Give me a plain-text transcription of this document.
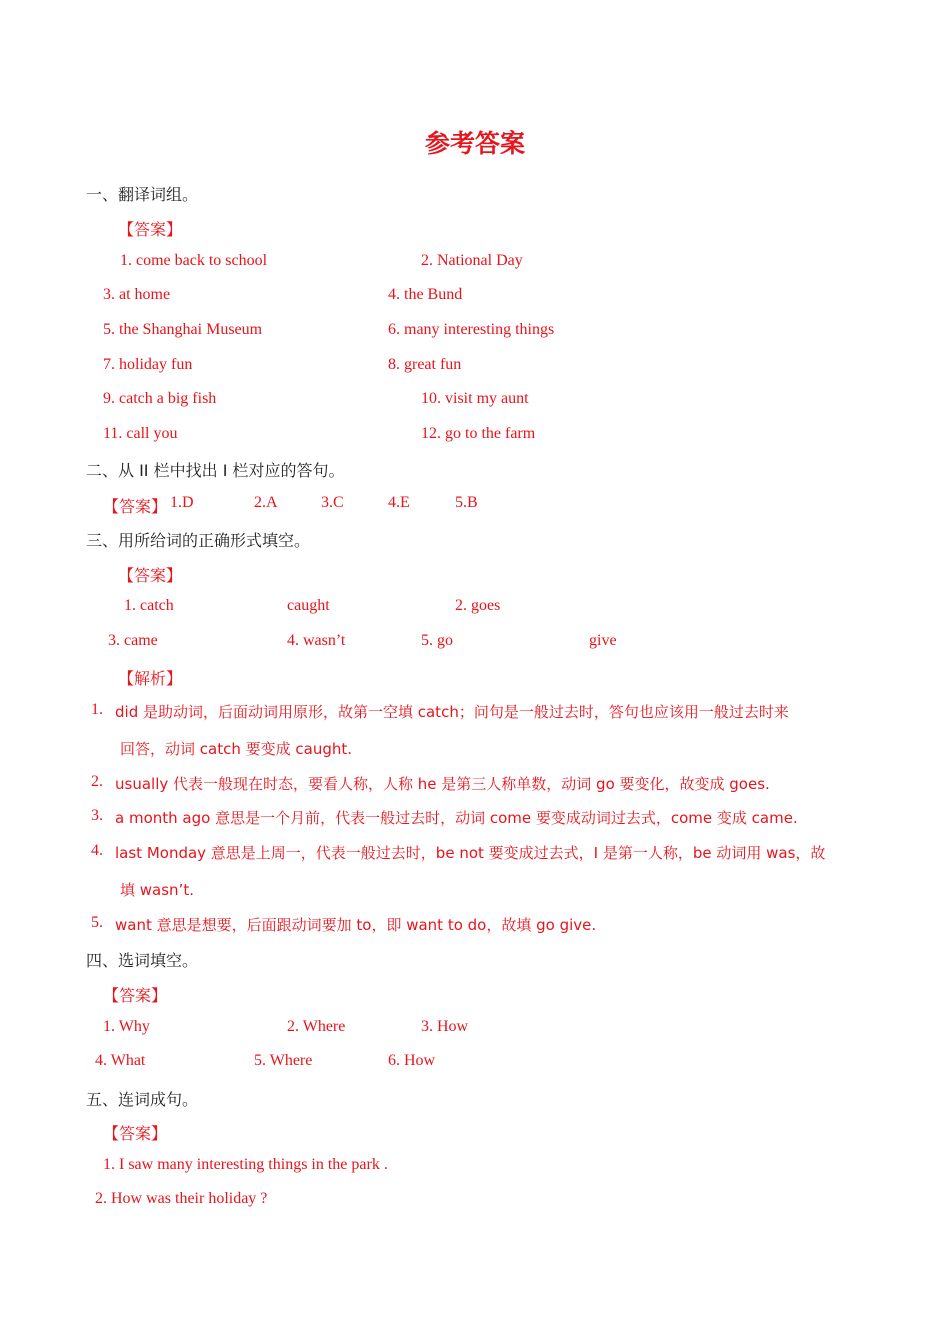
参考答案
一、翻译词组。
【答案】
1. come back to school	2. National Day
3. at home	4. the Bund
5. the Shanghai Museum	6. many interesting things
7. holiday fun	8. great fun
9. catch a big fish	10. visit my aunt
11. call you	12. go to the farm
二、从 II 栏中找出 I 栏对应的答句。
【答案】 1.D	2.A	3.C	4.E	5.B
三、用所给词的正确形式填空。
【答案】
1. catch	caught	2. goes
3. came	4. wasn’t	5. go	give
【解析】
1. did 是助动词，后面动词用原形，故第一空填 catch；问句是一般过去时，答句也应该用一般过去时来
回答，动词 catch 要变成 caught.
2. usually 代表一般现在时态，要看人称，人称 he 是第三人称单数，动词 go 要变化，故变成 goes.
3. a month ago 意思是一个月前，代表一般过去时，动词 come 要变成动词过去式，come 变成 came.
4. last Monday 意思是上周一，代表一般过去时，be not 要变成过去式，I 是第一人称，be 动词用 was，故
填 wasn’t.
5. want 意思是想要，后面跟动词要加 to，即 want to do，故填 go give.
四、选词填空。
【答案】
1. Why	2. Where	3. How
4. What	5. Where	6. How
五、连词成句。
【答案】
1. I saw many interesting things in the park .
2. How was their holiday ?
